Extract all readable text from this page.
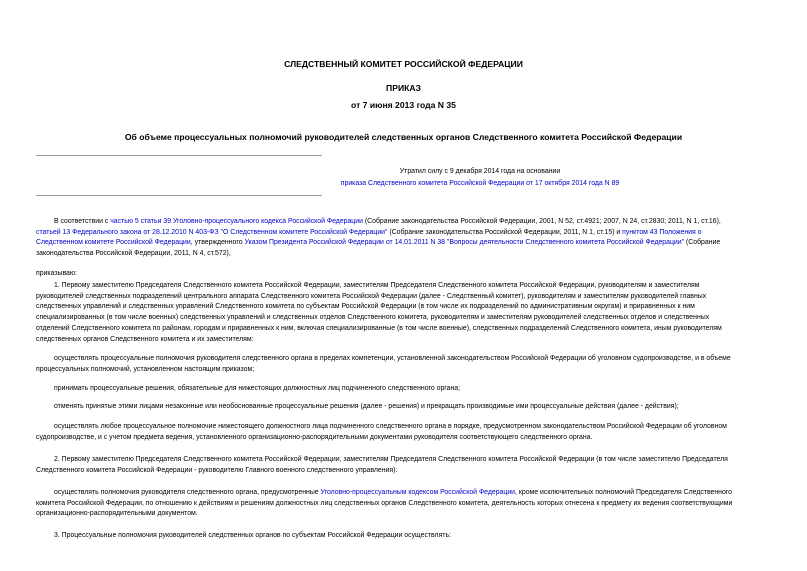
СЛЕДСТВЕННЫЙ КОМИТЕТ РОССИЙСКОЙ ФЕДЕРАЦИИ
ПРИКАЗ
от 7 июня 2013 года N 35
Об объеме процессуальных полномочий руководителей следственных органов Следственного комитета Российской Федерации
Утратил силу с 9 декабря 2014 года на основании
приказа Следственного комитета Российской Федерации от 17 октября 2014 года N 89
В соответствии с частью 5 статьи 39 Уголовно-процессуального кодекса Российской Федерации (Собрание законодательства Российской Федерации, 2001, N 52, ст.4921; 2007, N 24, ст.2830; 2011, N 1, ст.16),
статьей 13 Федерального закона от 28.12.2010 N 403-ФЗ "О Следственном комитете Российской Федерации" (Собрание законодательства Российской Федерации, 2011, N 1, ст.15) и пунктом 43 Положения о
Следственном комитете Российской Федерации, утвержденного Указом Президента Российской Федерации от 14.01.2011 N 38 "Вопросы деятельности Следственного комитета Российской Федерации" (Собрание
законодательства Российской Федерации, 2011, N 4, ст.572),
приказываю:
1. Первому заместителю Председателя Следственного комитета Российской Федерации, заместителям Председателя Следственного комитета Российской Федерации, руководителям и заместителям
руководителей следственных подразделений центрального аппарата Следственного комитета Российской Федерации (далее - Следственный комитет), руководителям и заместителям руководителей главных
следственных управлений и следственных управлений Следственного комитета по субъектам Российской Федерации (в том числе их подразделений по административным округам) и приравненных к ним
специализированных (в том числе военных) следственных управлений и следственных отделов Следственного комитета, руководителям и заместителям руководителей следственных отделов и следственных
отделений Следственного комитета по районам, городам и приравненных к ним, включая специализированные (в том числе военные), следственных подразделений Следственного комитета, иным руководителям
следственных органов Следственного комитета и их заместителям:
осуществлять процессуальные полномочия руководителя следственного органа в пределах компетенции, установленной законодательством Российской Федерации об уголовном судопроизводстве, и в объеме
процессуальных полномочий, установленном настоящим приказом;
принимать процессуальные решения, обязательные для нижестоящих должностных лиц подчиненного следственного органа;
отменять принятые этими лицами незаконные или необоснованные процессуальные решения (далее - решения) и прекращать производимые ими процессуальные действия (далее - действия);
осуществлять любое процессуальное полномочие нижестоящего должностного лица подчиненного следственного органа в порядке, предусмотренном законодательством Российской Федерации об уголовном
судопроизводстве, и с учетом предмета ведения, установленного организационно-распорядительными документами руководителя соответствующего следственного органа.
2. Первому заместителю Председателя Следственного комитета Российской Федерации, заместителям Председателя Следственного комитета Российской Федерации (в том числе заместителю Председателя
Следственного комитета Российской Федерации - руководителю Главного военного следственного управления):
осуществлять полномочия руководителя следственного органа, предусмотренные Уголовно-процессуальным кодексом Российской Федерации, кроме исключительных полномочий Председателя Следственного
комитета Российской Федерации, по отношению к действиям и решениям должностных лиц следственных органов Следственного комитета, деятельность которых отнесена к предмету их ведения соответствующими
организационно-распорядительными документом.
3. Процессуальные полномочия руководителей следственных органов по субъектам Российской Федерации осуществлять:
